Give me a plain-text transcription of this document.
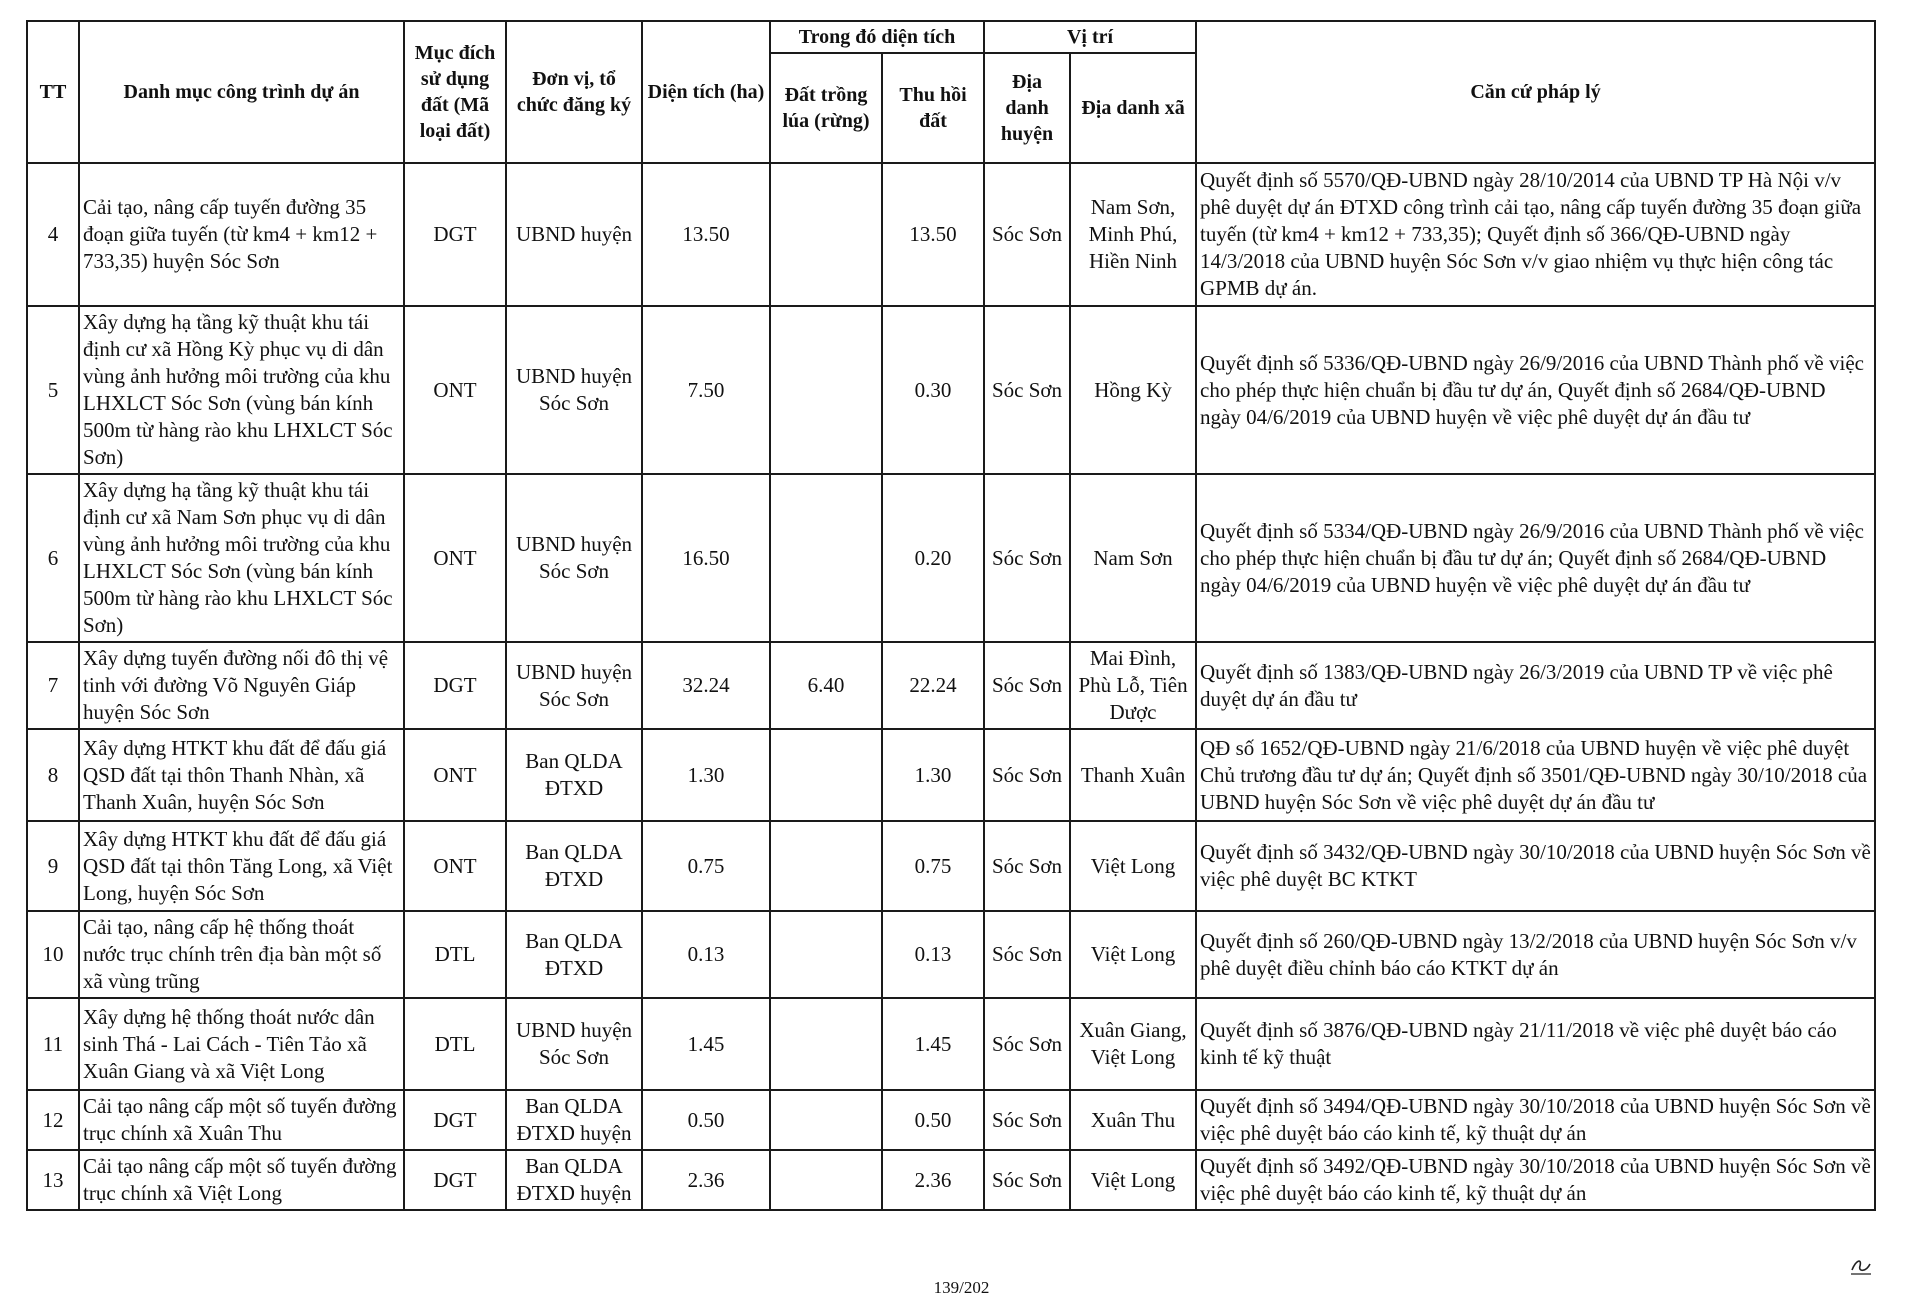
TT	Danh mục công trình dự án	Mục đích sử dụng đất (Mã loại đất)	Đơn vị, tổ chức đăng ký	Diện tích (ha)	Trong đó diện tích		Vị trí		Căn cứ pháp lý
					Đất trồng lúa (rừng)	Thu hồi đất	Địa danh huyện	Địa danh xã	
4	Cải tạo, nâng cấp tuyến đường 35 đoạn giữa tuyến (từ km4 + km12 + 733,35) huyện Sóc Sơn	DGT	UBND huyện	13.50		13.50	Sóc Sơn	Nam Sơn, Minh Phú, Hiền Ninh	Quyết định số 5570/QĐ-UBND ngày 28/10/2014 của UBND TP Hà Nội v/v phê duyệt dự án ĐTXD công trình cải tạo, nâng cấp tuyến đường 35 đoạn giữa tuyến (từ km4 + km12 + 733,35); Quyết định số 366/QĐ-UBND ngày 14/3/2018 của UBND huyện Sóc Sơn v/v giao nhiệm vụ thực hiện công tác GPMB dự án.
5	Xây dựng hạ tầng kỹ thuật khu tái định cư xã Hồng Kỳ phục vụ di dân vùng ảnh hưởng môi trường của khu LHXLCT Sóc Sơn (vùng bán kính 500m từ hàng rào khu LHXLCT Sóc Sơn)	ONT	UBND huyện Sóc Sơn	7.50		0.30	Sóc Sơn	Hồng Kỳ	Quyết định số 5336/QĐ-UBND ngày 26/9/2016 của UBND Thành phố về việc cho phép thực hiện chuẩn bị đầu tư dự án, Quyết định số 2684/QĐ-UBND ngày 04/6/2019 của UBND huyện về việc phê duyệt dự án đầu tư
6	Xây dựng hạ tầng kỹ thuật khu tái định cư xã Nam Sơn phục vụ di dân vùng ảnh hưởng môi trường của khu LHXLCT Sóc Sơn (vùng bán kính 500m từ hàng rào khu LHXLCT Sóc Sơn)	ONT	UBND huyện Sóc Sơn	16.50		0.20	Sóc Sơn	Nam Sơn	Quyết định số 5334/QĐ-UBND ngày 26/9/2016 của UBND Thành phố về việc cho phép thực hiện chuẩn bị đầu tư dự án; Quyết định số 2684/QĐ-UBND ngày 04/6/2019 của UBND huyện về việc phê duyệt dự án đầu tư
7	Xây dựng tuyến đường nối đô thị vệ tinh với đường Võ Nguyên Giáp huyện Sóc Sơn	DGT	UBND huyện Sóc Sơn	32.24	6.40	22.24	Sóc Sơn	Mai Đình, Phù Lỗ, Tiên Dược	Quyết định số 1383/QĐ-UBND ngày 26/3/2019 của UBND TP về việc phê duyệt dự án đầu tư
8	Xây dựng HTKT khu đất để đấu giá QSD đất tại thôn Thanh Nhàn, xã Thanh Xuân, huyện Sóc Sơn	ONT	Ban QLDA ĐTXD	1.30		1.30	Sóc Sơn	Thanh Xuân	QĐ số 1652/QĐ-UBND ngày 21/6/2018 của UBND huyện về việc phê duyệt Chủ trương đầu tư dự án; Quyết định số 3501/QĐ-UBND ngày 30/10/2018 của UBND huyện Sóc Sơn về việc phê duyệt dự án đầu tư
9	Xây dựng HTKT khu đất để đấu giá QSD đất tại thôn Tăng Long, xã Việt Long, huyện Sóc Sơn	ONT	Ban QLDA ĐTXD	0.75		0.75	Sóc Sơn	Việt Long	Quyết định số 3432/QĐ-UBND ngày 30/10/2018 của UBND huyện Sóc Sơn về việc phê duyệt BC KTKT
10	Cải tạo, nâng cấp hệ thống thoát nước trục chính trên địa bàn một số xã vùng trũng	DTL	Ban QLDA ĐTXD	0.13		0.13	Sóc Sơn	Việt Long	Quyết định số 260/QĐ-UBND ngày 13/2/2018 của UBND huyện Sóc Sơn v/v phê duyệt điều chỉnh báo cáo KTKT dự án
11	Xây dựng hệ thống thoát nước dân sinh Thá - Lai Cách - Tiên Tảo xã Xuân Giang và xã Việt Long	DTL	UBND huyện Sóc Sơn	1.45		1.45	Sóc Sơn	Xuân Giang, Việt Long	Quyết định số 3876/QĐ-UBND ngày 21/11/2018 về việc phê duyệt báo cáo kinh tế kỹ thuật
12	Cải tạo nâng cấp một số tuyến đường trục chính xã Xuân Thu	DGT	Ban QLDA ĐTXD huyện	0.50		0.50	Sóc Sơn	Xuân Thu	Quyết định số 3494/QĐ-UBND ngày 30/10/2018 của UBND huyện Sóc Sơn về việc phê duyệt báo cáo kinh tế, kỹ thuật dự án
13	Cải tạo nâng cấp một số tuyến đường trục chính xã Việt Long	DGT	Ban QLDA ĐTXD huyện	2.36		2.36	Sóc Sơn	Việt Long	Quyết định số 3492/QĐ-UBND ngày 30/10/2018 của UBND huyện Sóc Sơn về việc phê duyệt báo cáo kinh tế, kỹ thuật dự án
139/202
